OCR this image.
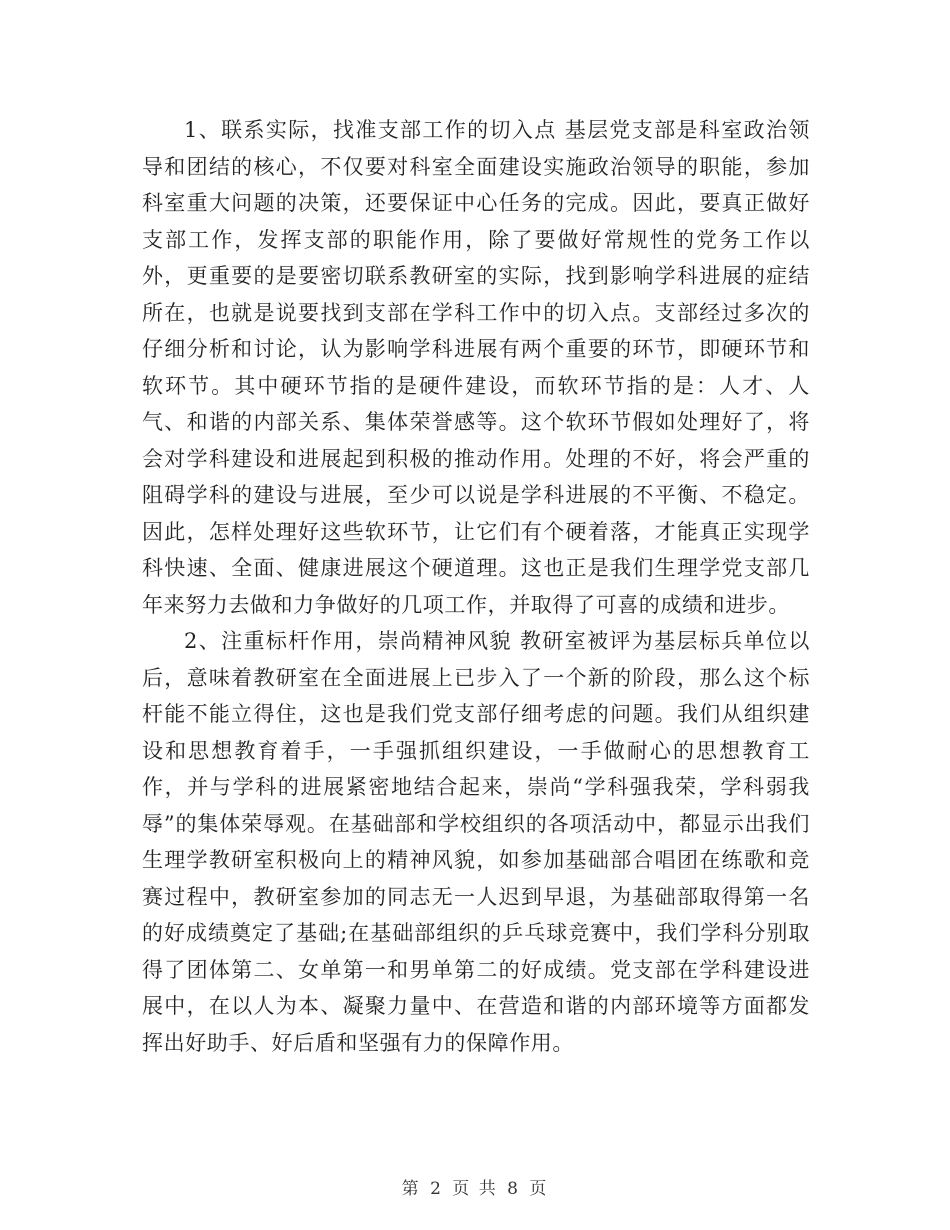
1、联系实际，找准支部工作的切入点 基层党支部是科室政治领导和团结的核心，不仅要对科室全面建设实施政治领导的职能，参加科室重大问题的决策，还要保证中心任务的完成。因此，要真正做好支部工作，发挥支部的职能作用，除了要做好常规性的党务工作以外，更重要的是要密切联系教研室的实际，找到影响学科进展的症结所在，也就是说要找到支部在学科工作中的切入点。支部经过多次的仔细分析和讨论，认为影响学科进展有两个重要的环节，即硬环节和软环节。其中硬环节指的是硬件建设，而软环节指的是：人才、人气、和谐的内部关系、集体荣誉感等。这个软环节假如处理好了，将会对学科建设和进展起到积极的推动作用。处理的不好，将会严重的阻碍学科的建设与进展，至少可以说是学科进展的不平衡、不稳定。因此，怎样处理好这些软环节，让它们有个硬着落，才能真正实现学科快速、全面、健康进展这个硬道理。这也正是我们生理学党支部几年来努力去做和力争做好的几项工作，并取得了可喜的成绩和进步。

2、注重标杆作用，崇尚精神风貌 教研室被评为基层标兵单位以后，意味着教研室在全面进展上已步入了一个新的阶段，那么这个标杆能不能立得住，这也是我们党支部仔细考虑的问题。我们从组织建设和思想教育着手，一手强抓组织建设，一手做耐心的思想教育工作，并与学科的进展紧密地结合起来，崇尚“学科强我荣，学科弱我辱”的集体荣辱观。在基础部和学校组织的各项活动中，都显示出我们生理学教研室积极向上的精神风貌，如参加基础部合唱团在练歌和竞赛过程中，教研室参加的同志无一人迟到早退，为基础部取得第一名的好成绩奠定了基础;在基础部组织的乒乓球竞赛中，我们学科分别取得了团体第二、女单第一和男单第二的好成绩。党支部在学科建设进展中，在以人为本、凝聚力量中、在营造和谐的内部环境等方面都发挥出好助手、好后盾和坚强有力的保障作用。

第 2 页 共 8 页
